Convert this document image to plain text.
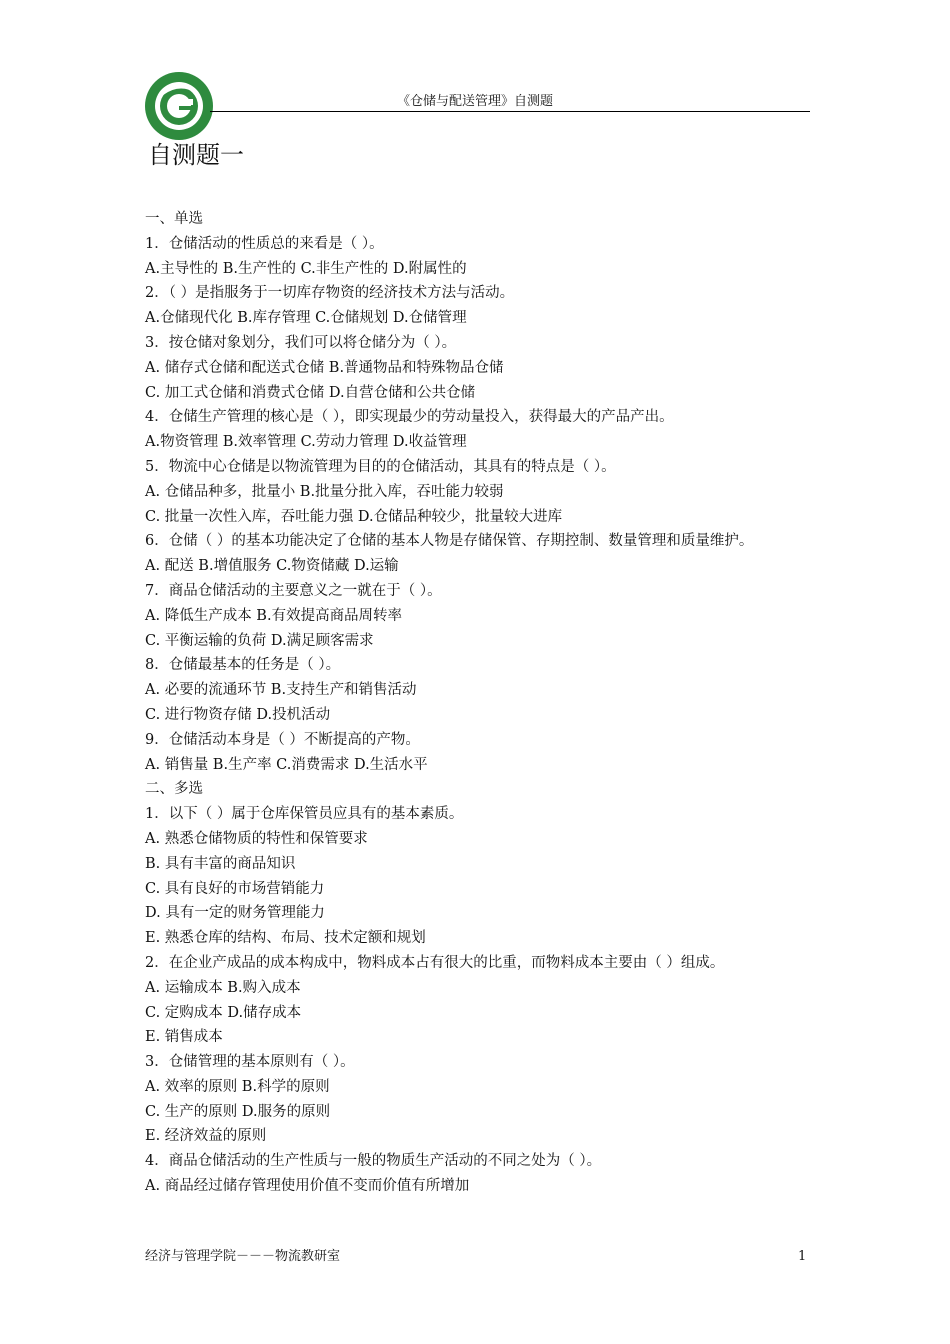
《仓储与配送管理》自测题
自测题一

一、单选

1．仓储活动的性质总的来看是（ ）。

A.主导性的 B.生产性的 C.非生产性的 D.附属性的

2．（ ）是指服务于一切库存物资的经济技术方法与活动。

A.仓储现代化 B.库存管理 C.仓储规划 D.仓储管理

3．按仓储对象划分，我们可以将仓储分为（ ）。

A. 储存式仓储和配送式仓储 B.普通物品和特殊物品仓储

C. 加工式仓储和消费式仓储 D.自营仓储和公共仓储

4．仓储生产管理的核心是（ ），即实现最少的劳动量投入，获得最大的产品产出。

A.物资管理 B.效率管理 C.劳动力管理 D.收益管理

5．物流中心仓储是以物流管理为目的的仓储活动，其具有的特点是（ ）。

A. 仓储品种多，批量小 B.批量分批入库，吞吐能力较弱

C. 批量一次性入库，吞吐能力强 D.仓储品种较少，批量较大进库

6．仓储（ ）的基本功能决定了仓储的基本人物是存储保管、存期控制、数量管理和质量维护。

A. 配送 B.增值服务 C.物资储藏 D.运输

7．商品仓储活动的主要意义之一就在于（ ）。

A. 降低生产成本 B.有效提高商品周转率

C. 平衡运输的负荷 D.满足顾客需求

8．仓储最基本的任务是（ ）。

A. 必要的流通环节 B.支持生产和销售活动

C. 进行物资存储 D.投机活动

9．仓储活动本身是（ ）不断提高的产物。

A. 销售量 B.生产率 C.消费需求 D.生活水平

二、多选

1．以下（ ）属于仓库保管员应具有的基本素质。

A. 熟悉仓储物质的特性和保管要求

B. 具有丰富的商品知识

C. 具有良好的市场营销能力

D. 具有一定的财务管理能力

E. 熟悉仓库的结构、布局、技术定额和规划

2．在企业产成品的成本构成中，物料成本占有很大的比重，而物料成本主要由（ ）组成。

A. 运输成本 B.购入成本

C. 定购成本 D.储存成本

E. 销售成本

3．仓储管理的基本原则有（ ）。

A. 效率的原则 B.科学的原则

C. 生产的原则 D.服务的原则

E. 经济效益的原则

4．商品仓储活动的生产性质与一般的物质生产活动的不同之处为（ ）。

A. 商品经过储存管理使用价值不变而价值有所增加

经济与管理学院－－－物流教研室	1
